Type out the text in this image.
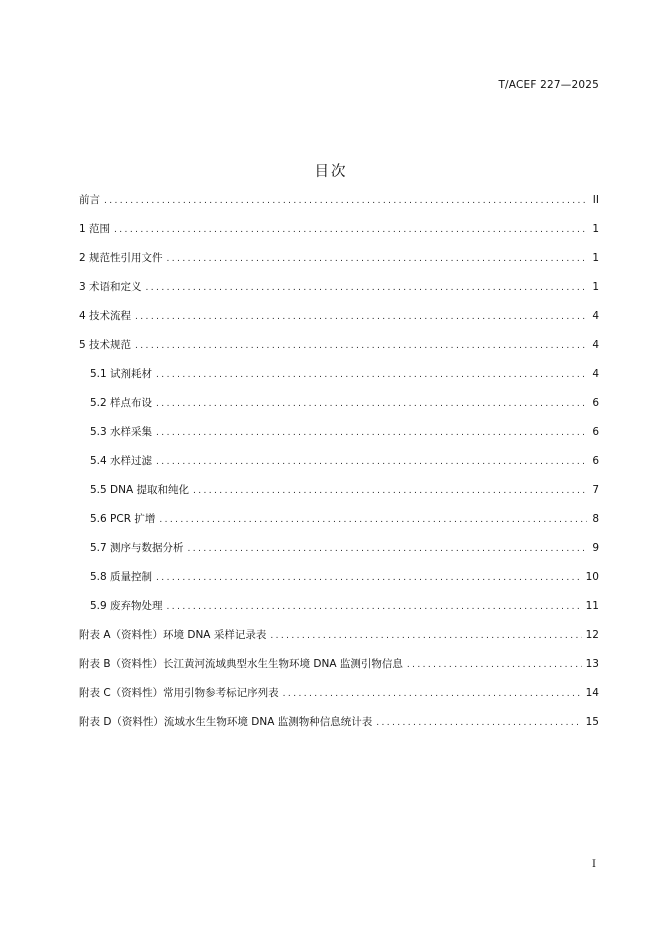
T/ACEF 227—2025
目次
前言 .....	II
1 范围 .....	1
2 规范性引用文件 .....	1
3 术语和定义 .....	1
4 技术流程 .....	4
5 技术规范 .....	4
5.1 试剂耗材 .....	4
5.2 样点布设 .....	6
5.3 水样采集 .....	6
5.4 水样过滤 .....	6
5.5 DNA 提取和纯化 .....	7
5.6 PCR 扩增 .....	8
5.7 测序与数据分析 .....	9
5.8 质量控制 .....	10
5.9 废弃物处理 .....	11
附表 A（资料性）环境 DNA 采样记录表 .....	12
附表 B（资料性）长江黄河流域典型水生生物环境 DNA 监测引物信息 .....	13
附表 C（资料性）常用引物参考标记序列表 .....	14
附表 D（资料性）流域水生生物环境 DNA 监测物种信息统计表 .....	15
I
